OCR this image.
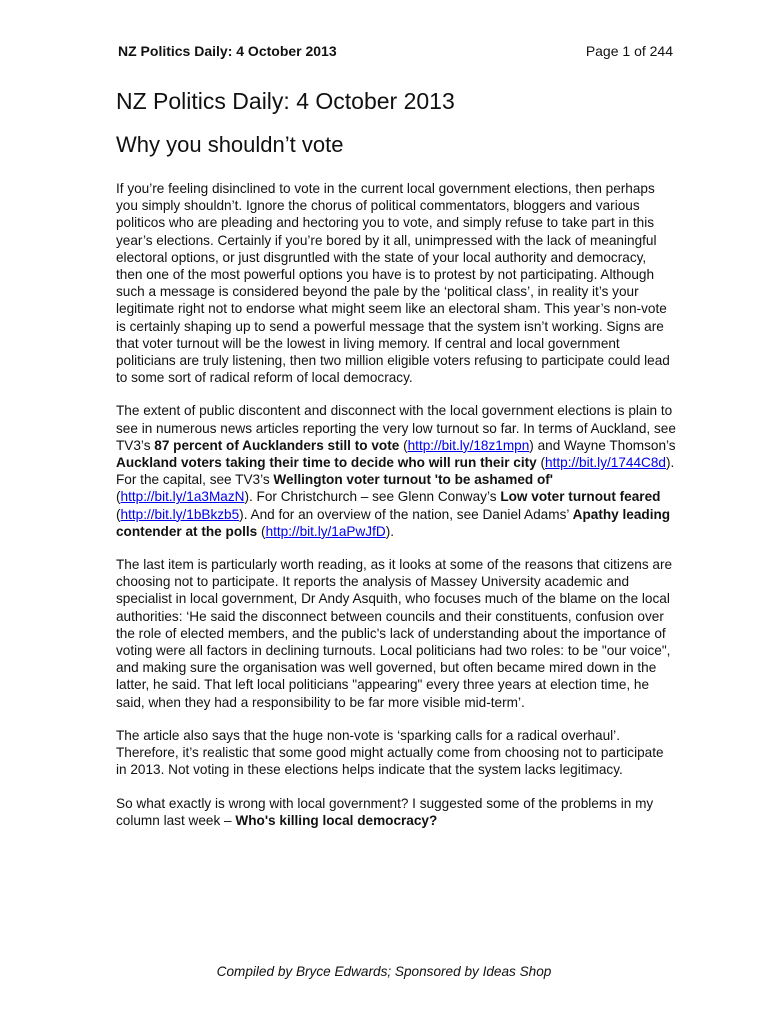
NZ Politics Daily: 4 October 2013	Page 1 of 244
NZ Politics Daily: 4 October 2013
Why you shouldn’t vote

If you’re feeling disinclined to vote in the current local government elections, then perhaps you simply shouldn’t. Ignore the chorus of political commentators, bloggers and various politicos who are pleading and hectoring you to vote, and simply refuse to take part in this year’s elections. Certainly if you’re bored by it all, unimpressed with the lack of meaningful electoral options, or just disgruntled with the state of your local authority and democracy, then one of the most powerful options you have is to protest by not participating. Although such a message is considered beyond the pale by the ‘political class’, in reality it’s your legitimate right not to endorse what might seem like an electoral sham. This year’s non-vote is certainly shaping up to send a powerful message that the system isn’t working. Signs are that voter turnout will be the lowest in living memory. If central and local government politicians are truly listening, then two million eligible voters refusing to participate could lead to some sort of radical reform of local democracy.

The extent of public discontent and disconnect with the local government elections is plain to see in numerous news articles reporting the very low turnout so far. In terms of Auckland, see TV3’s 87 percent of Aucklanders still to vote (http://bit.ly/18z1mpn) and Wayne Thomson’s Auckland voters taking their time to decide who will run their city (http://bit.ly/1744C8d). For the capital, see TV3’s Wellington voter turnout 'to be ashamed of' (http://bit.ly/1a3MazN). For Christchurch – see Glenn Conway’s Low voter turnout feared (http://bit.ly/1bBkzb5). And for an overview of the nation, see Daniel Adams’ Apathy leading contender at the polls (http://bit.ly/1aPwJfD).

The last item is particularly worth reading, as it looks at some of the reasons that citizens are choosing not to participate. It reports the analysis of Massey University academic and specialist in local government, Dr Andy Asquith, who focuses much of the blame on the local authorities: ‘He said the disconnect between councils and their constituents, confusion over the role of elected members, and the public's lack of understanding about the importance of voting were all factors in declining turnouts. Local politicians had two roles: to be "our voice", and making sure the organisation was well governed, but often became mired down in the latter, he said. That left local politicians "appearing" every three years at election time, he said, when they had a responsibility to be far more visible mid-term’.

The article also says that the huge non-vote is ‘sparking calls for a radical overhaul’. Therefore, it’s realistic that some good might actually come from choosing not to participate in 2013. Not voting in these elections helps indicate that the system lacks legitimacy.

So what exactly is wrong with local government? I suggested some of the problems in my column last week – Who's killing local democracy?

Compiled by Bryce Edwards; Sponsored by Ideas Shop
